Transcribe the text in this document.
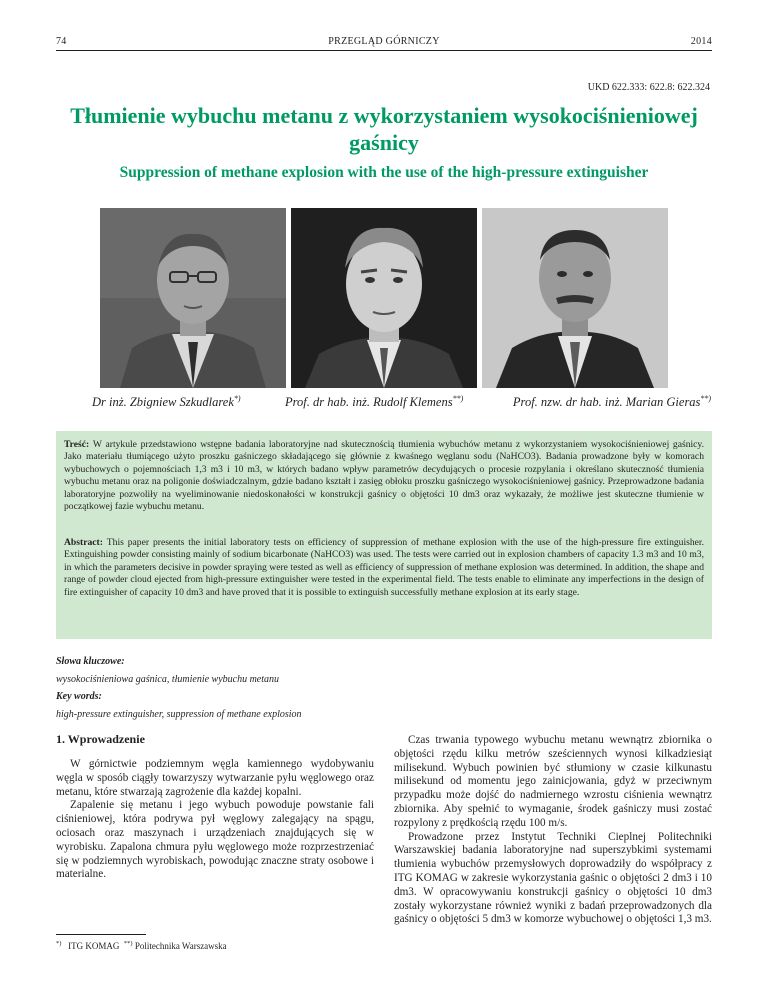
74	PRZEGLĄD GÓRNICZY	2014
UKD 622.333: 622.8: 622.324
Tłumienie wybuchu metanu z wykorzystaniem wysokociśnieniowej gaśnicy
Suppression of methane explosion with the use of the high-pressure extinguisher
Dr inż. Zbigniew Szkudlarek*)	Prof. dr hab. inż. Rudolf Klemens**)	Prof. nzw. dr hab. inż. Marian Gieras**)
Treść: W artykule przedstawiono wstępne badania laboratoryjne nad skutecznością tłumienia wybuchów metanu z wykorzystaniem wysokociśnieniowej gaśnicy. Jako materiału tłumiącego użyto proszku gaśniczego składającego się głównie z kwaśnego węglanu sodu (NaHCO3). Badania prowadzone były w komorach wybuchowych o pojemnościach 1,3 m3 i 10 m3, w których badano wpływ parametrów decydujących o procesie rozpylania i określano skuteczność tłumienia wybuchu metanu oraz na poligonie doświadczalnym, gdzie badano kształt i zasięg obłoku proszku gaśniczego wysokociśnieniowej gaśnicy. Przeprowadzone badania laboratoryjne pozwoliły na wyeliminowanie niedoskonałości w konstrukcji gaśnicy o objętości 10 dm3 oraz wykazały, że możliwe jest skuteczne tłumienie w początkowej fazie wybuchu metanu.
Abstract: This paper presents the initial laboratory tests on efficiency of suppression of methane explosion with the use of the high-pressure fire extinguisher. Extinguishing powder consisting mainly of sodium bicarbonate (NaHCO3) was used. The tests were carried out in explosion chambers of capacity 1.3 m3 and 10 m3, in which the parameters decisive in powder spraying were tested as well as efficiency of suppression of methane explosion was determined. In addition, the shape and range of powder cloud ejected from high-pressure extinguisher were tested in the experimental field. The tests enable to eliminate any imperfections in the design of fire extinguisher of capacity 10 dm3 and have proved that it is possible to extinguish successfully methane explosion at its early stage.
Słowa kluczowe:
wysokociśnieniowa gaśnica, tłumienie wybuchu metanu
Key words:
high-pressure extinguisher, suppression of methane explosion
1. Wprowadzenie

W górnictwie podziemnym węgla kamiennego wydobywaniu węgla w sposób ciągły towarzyszy wytwarzanie pyłu węglowego oraz metanu, które stwarzają zagrożenie dla każdej kopalni.

Zapalenie się metanu i jego wybuch powoduje powstanie fali ciśnieniowej, która podrywa pył węglowy zalegający na spągu, ociosach oraz maszynach i urządzeniach znajdujących się w wyrobisku. Zapalona chmura pyłu węglowego może rozprzestrzeniać się w podziemnych wyrobiskach, powodując znaczne straty osobowe i materialne.

Czas trwania typowego wybuchu metanu wewnątrz zbiornika o objętości rzędu kilku metrów sześciennych wynosi kilkadziesiąt milisekund. Wybuch powinien być stłumiony w czasie kilkunastu milisekund od momentu jego zainicjowania, gdyż w przeciwnym przypadku może dojść do nadmiernego wzrostu ciśnienia wewnątrz zbiornika. Aby spełnić to wymaganie, środek gaśniczy musi zostać rozpylony z prędkością rzędu 100 m/s.

Prowadzone przez Instytut Techniki Cieplnej Politechniki Warszawskiej badania laboratoryjne nad superszybkimi systemami tłumienia wybuchów przemysłowych doprowadziły do współpracy z ITG KOMAG w zakresie wykorzystania gaśnic o objętości 2 dm3 i 10 dm3. W opracowywaniu konstrukcji gaśnicy o objętości 10 dm3 zostały wykorzystane również wyniki z badań przeprowadzonych dla gaśnicy o objętości 5 dm3 w komorze wybuchowej o objętości 1,3 m3.

*) ITG KOMAG **) Politechnika Warszawska
